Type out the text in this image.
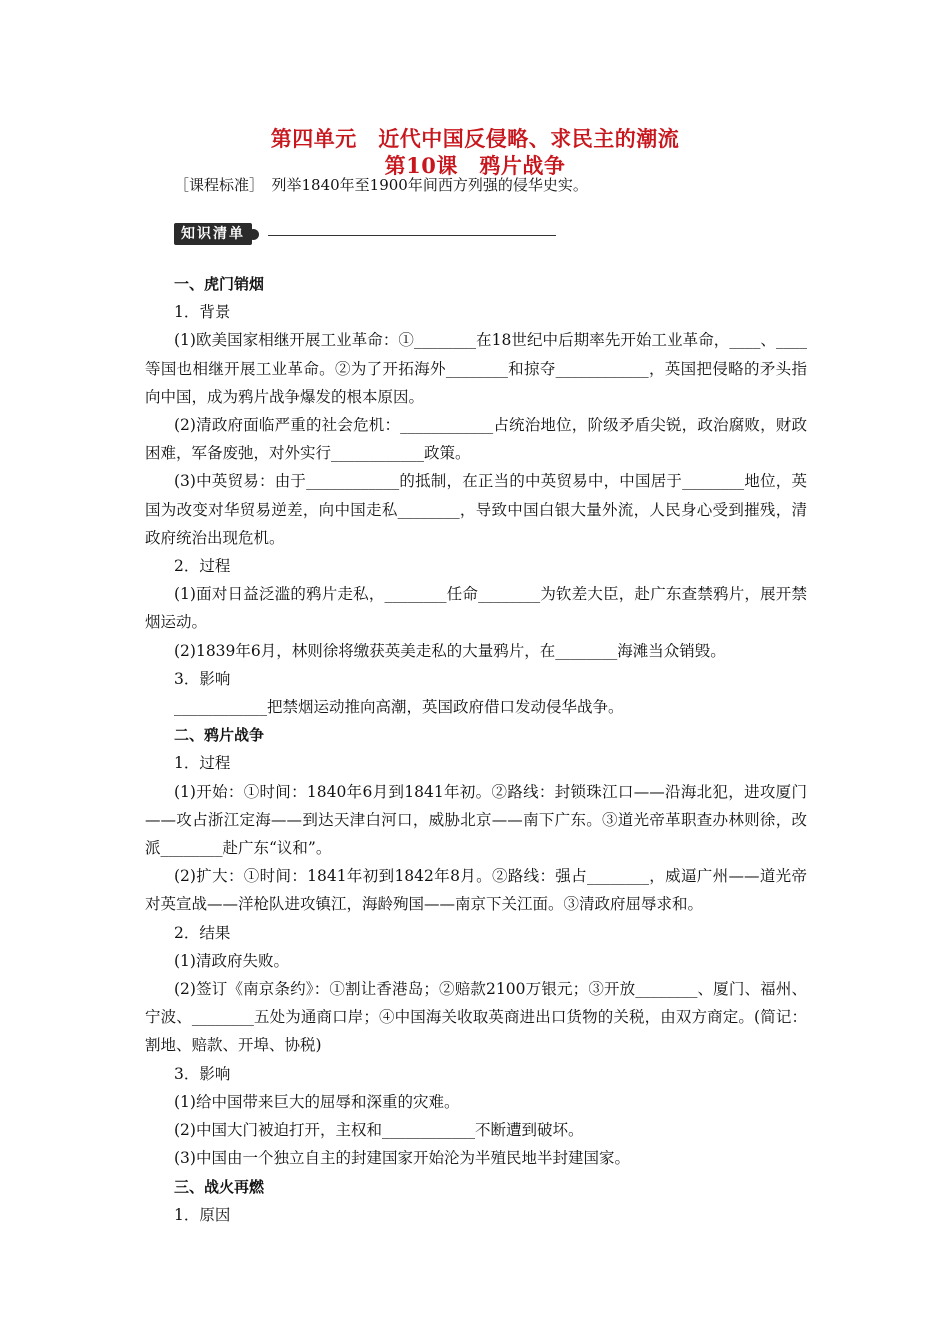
第四单元　近代中国反侵略、求民主的潮流
第10课　鸦片战争
［课程标准］　列举1840年至1900年间西方列强的侵华史实。
知识清单

一、虎门销烟

1．背景

(1)欧美国家相继开展工业革命：①________在18世纪中后期率先开始工业革命，____、____等国也相继开展工业革命。②为了开拓海外________和掠夺____________，英国把侵略的矛头指向中国，成为鸦片战争爆发的根本原因。

(2)清政府面临严重的社会危机：____________占统治地位，阶级矛盾尖锐，政治腐败，财政困难，军备废弛，对外实行____________政策。

(3)中英贸易：由于____________的抵制，在正当的中英贸易中，中国居于________地位，英国为改变对华贸易逆差，向中国走私________，导致中国白银大量外流，人民身心受到摧残，清政府统治出现危机。

2．过程

(1)面对日益泛滥的鸦片走私，________任命________为钦差大臣，赴广东查禁鸦片，展开禁烟运动。

(2)1839年6月，林则徐将缴获英美走私的大量鸦片，在________海滩当众销毁。

3．影响

____________把禁烟运动推向高潮，英国政府借口发动侵华战争。

二、鸦片战争

1．过程

(1)开始：①时间：1840年6月到1841年初。②路线：封锁珠江口——沿海北犯，进攻厦门——攻占浙江定海——到达天津白河口，威胁北京——南下广东。③道光帝革职查办林则徐，改派________赴广东“议和”。

(2)扩大：①时间：1841年初到1842年8月。②路线：强占________，威逼广州——道光帝对英宣战——洋枪队进攻镇江，海龄殉国——南京下关江面。③清政府屈辱求和。

2．结果

(1)清政府失败。

(2)签订《南京条约》：①割让香港岛；②赔款2100万银元；③开放________、厦门、福州、宁波、________五处为通商口岸；④中国海关收取英商进出口货物的关税，由双方商定。(简记：割地、赔款、开埠、协税)

3．影响

(1)给中国带来巨大的屈辱和深重的灾难。

(2)中国大门被迫打开，主权和____________不断遭到破坏。

(3)中国由一个独立自主的封建国家开始沦为半殖民地半封建国家。

三、战火再燃

1．原因
